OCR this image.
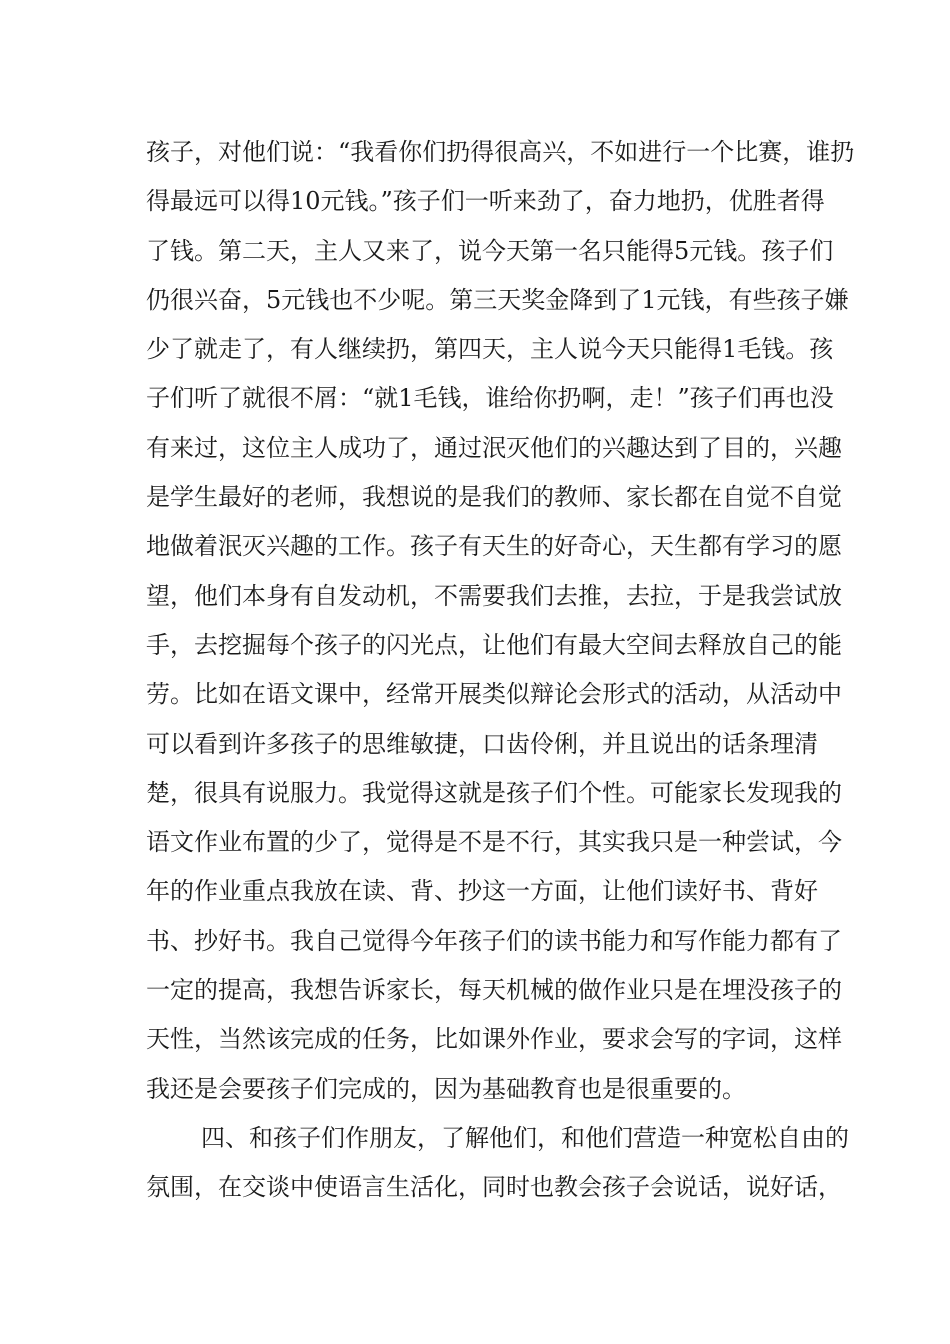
孩子，对他们说：“我看你们扔得很高兴，不如进行一个比赛，谁扔
得最远可以得10元钱。”孩子们一听来劲了，奋力地扔，优胜者得
了钱。第二天，主人又来了，说今天第一名只能得5元钱。孩子们
仍很兴奋，5元钱也不少呢。第三天奖金降到了1元钱，有些孩子嫌
少了就走了，有人继续扔，第四天，主人说今天只能得1毛钱。孩
子们听了就很不屑：“就1毛钱，谁给你扔啊，走！”孩子们再也没
有来过，这位主人成功了，通过泯灭他们的兴趣达到了目的，兴趣
是学生最好的老师，我想说的是我们的教师、家长都在自觉不自觉
地做着泯灭兴趣的工作。孩子有天生的好奇心，天生都有学习的愿
望，他们本身有自发动机，不需要我们去推，去拉，于是我尝试放
手，去挖掘每个孩子的闪光点，让他们有最大空间去释放自己的能
劳。比如在语文课中，经常开展类似辩论会形式的活动，从活动中
可以看到许多孩子的思维敏捷，口齿伶俐，并且说出的话条理清
楚，很具有说服力。我觉得这就是孩子们个性。可能家长发现我的
语文作业布置的少了，觉得是不是不行，其实我只是一种尝试，今
年的作业重点我放在读、背、抄这一方面，让他们读好书、背好
书、抄好书。我自己觉得今年孩子们的读书能力和写作能力都有了
一定的提高，我想告诉家长，每天机械的做作业只是在埋没孩子的
天性，当然该完成的任务，比如课外作业，要求会写的字词，这样
我还是会要孩子们完成的，因为基础教育也是很重要的。
四、和孩子们作朋友，了解他们，和他们营造一种宽松自由的
氛围，在交谈中使语言生活化，同时也教会孩子会说话，说好话，
